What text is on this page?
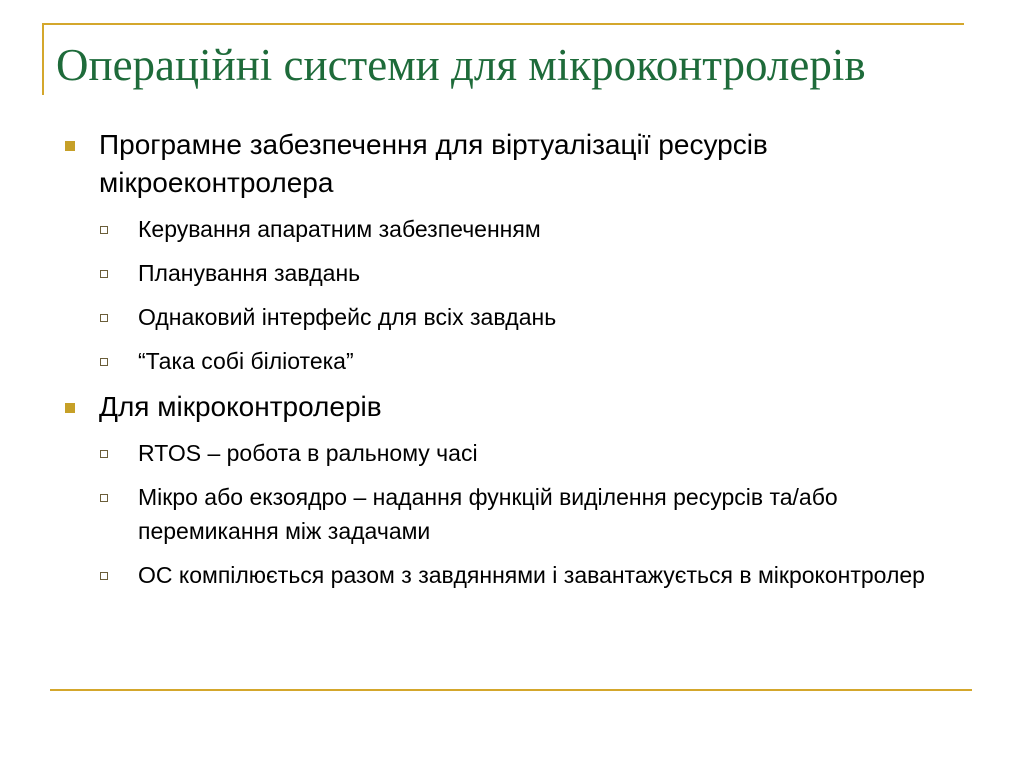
Операційні системи для мікроконтролерів
Програмне забезпечення для віртуалізації ресурсів мікроеконтролера
Керування апаратним забезпеченням
Планування завдань
Однаковий інтерфейс для всіх завдань
“Така собі біліотека”
Для мікроконтролерів
RTOS – робота в ральному часі
Мікро або екзоядро – надання функцій виділення ресурсів та/або перемикання між задачами
ОС компілюється разом з завдяннями і завантажується в мікроконтролер
